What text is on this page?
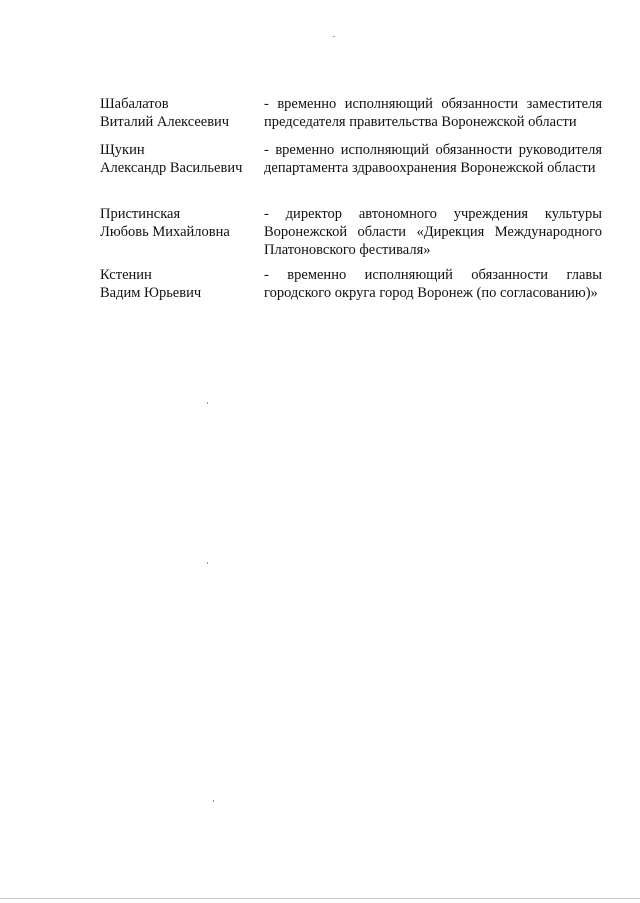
Шабалатов
Виталий Алексеевич
- временно исполняющий обязанности заместителя председателя правительства Воронежской области
Щукин
Александр Васильевич
- временно исполняющий обязанности руководителя департамента здравоохранения Воронежской области
Пристинская
Любовь Михайловна
- директор автономного учреждения культуры Воронежской области «Дирекция Международного Платоновского фестиваля»
Кстенин
Вадим Юрьевич
- временно исполняющий обязанности главы городского округа город Воронеж (по согласованию)»
